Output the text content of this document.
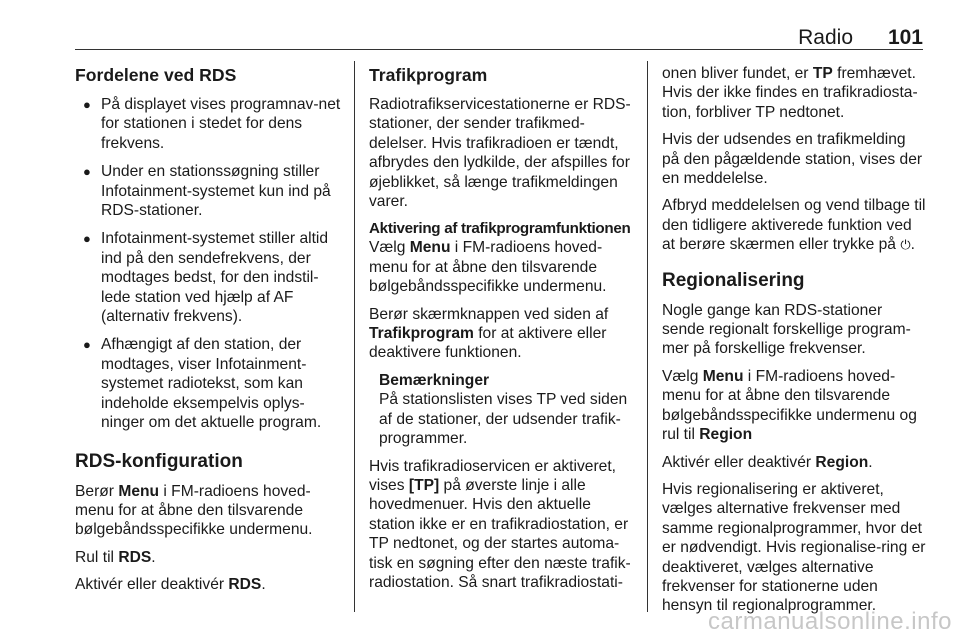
Radio 101
Fordelene ved RDS
● På displayet vises programnav-net for stationen i stedet for dens frekvens.
● Under en stationssøgning stiller Infotainment-systemet kun ind på RDS-stationer.
● Infotainment-systemet stiller altid ind på den sendefrekvens, der modtages bedst, for den indstil-lede station ved hjælp af AF (alternativ frekvens).
● Afhængigt af den station, der modtages, viser Infotainment-systemet radiotekst, som kan indeholde eksempelvis oplys-ninger om det aktuelle program.
RDS-konfiguration

Berør Menu i FM-radioens hoved-menu for at åbne den tilsvarende bølgebåndsspecifikke undermenu.

Rul til RDS.

Aktivér eller deaktivér RDS.

Trafikprogram

Radiotrafikservicestationerne er RDS-stationer, der sender trafikmed-delelser. Hvis trafikradioen er tændt, afbrydes den lydkilde, der afspilles for øjeblikket, så længe trafikmeldingen varer.

Aktivering af trafikprogramfunktionen

Vælg Menu i FM-radioens hoved-menu for at åbne den tilsvarende bølgebåndsspecifikke undermenu.

Berør skærmknappen ved siden af Trafikprogram for at aktivere eller deaktivere funktionen.

Bemærkninger
På stationslisten vises TP ved siden af de stationer, der udsender trafik-programmer.

Hvis trafikradioservicen er aktiveret, vises [TP] på øverste linje i alle hovedmenuer. Hvis den aktuelle station ikke er en trafikradiostation, er TP nedtonet, og der startes automa-tisk en søgning efter den næste trafik-radiostation. Så snart trafikradiostati-

onen bliver fundet, er TP fremhævet. Hvis der ikke findes en trafikradiosta-tion, forbliver TP nedtonet.

Hvis der udsendes en trafikmelding på den pågældende station, vises der en meddelelse.

Afbryd meddelelsen og vend tilbage til den tidligere aktiverede funktion ved at berøre skærmen eller trykke på ⏻.

Regionalisering

Nogle gange kan RDS-stationer sende regionalt forskellige program-mer på forskellige frekvenser.

Vælg Menu i FM-radioens hoved-menu for at åbne den tilsvarende bølgebåndsspecifikke undermenu og rul til Region

Aktivér eller deaktivér Region.

Hvis regionalisering er aktiveret, vælges alternative frekvenser med samme regionalprogrammer, hvor det er nødvendigt. Hvis regionalise-ring er deaktiveret, vælges alternative frekvenser for stationerne uden hensyn til regionalprogrammer.

carmanualsonline.info
